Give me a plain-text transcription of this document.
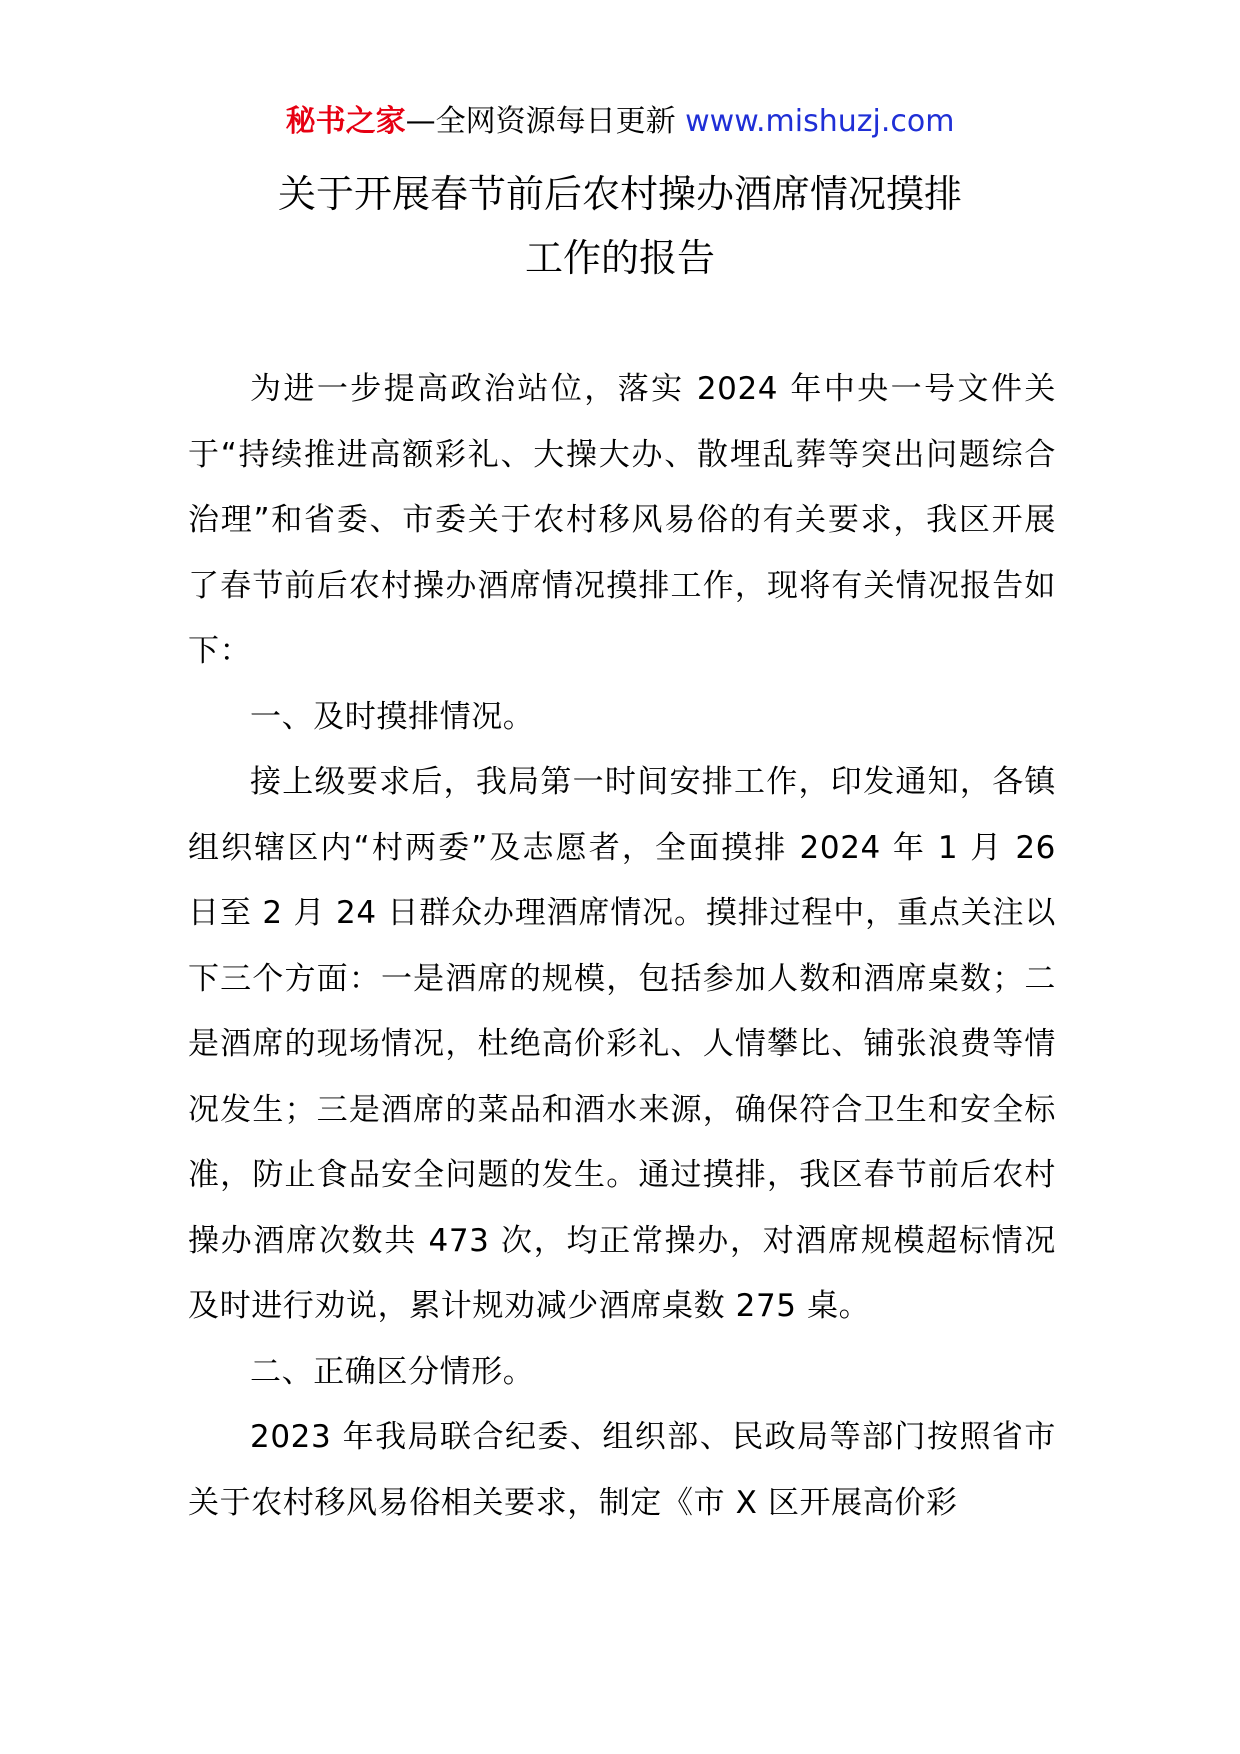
秘书之家—全网资源每日更新 www.mishuzj.com
关于开展春节前后农村操办酒席情况摸排
工作的报告

为进一步提高政治站位，落实 2024 年中央一号文件关于“持续推进高额彩礼、大操大办、散埋乱葬等突出问题综合治理”和省委、市委关于农村移风易俗的有关要求，我区开展了春节前后农村操办酒席情况摸排工作，现将有关情况报告如下：

一、及时摸排情况。

接上级要求后，我局第一时间安排工作，印发通知，各镇组织辖区内“村两委”及志愿者，全面摸排 2024 年 1 月 26 日至 2 月 24 日群众办理酒席情况。摸排过程中，重点关注以下三个方面：一是酒席的规模，包括参加人数和酒席桌数；二是酒席的现场情况，杜绝高价彩礼、人情攀比、铺张浪费等情况发生；三是酒席的菜品和酒水来源，确保符合卫生和安全标准，防止食品安全问题的发生。通过摸排，我区春节前后农村操办酒席次数共 473 次，均正常操办，对酒席规模超标情况及时进行劝说，累计规劝减少酒席桌数 275 桌。

二、正确区分情形。

2023 年我局联合纪委、组织部、民政局等部门按照省市关于农村移风易俗相关要求，制定《市 X 区开展高价彩
